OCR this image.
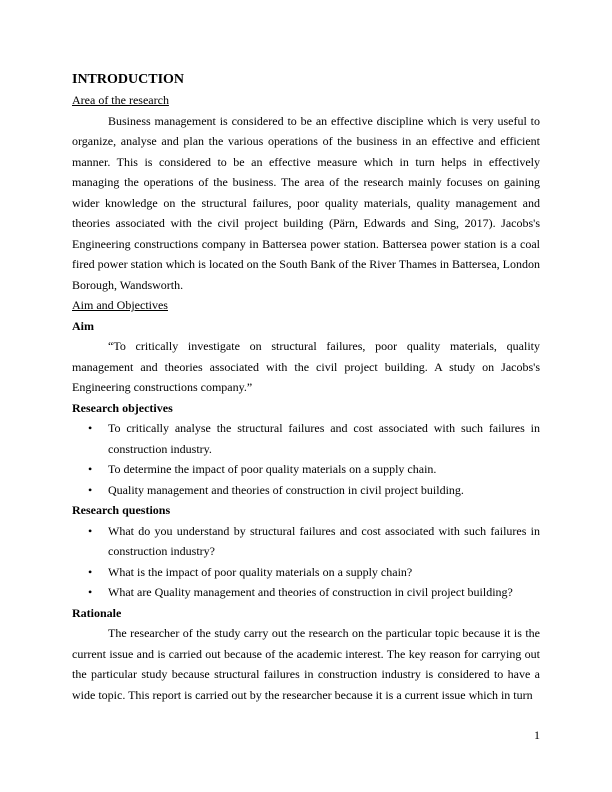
INTRODUCTION

Area of the research

Business management is considered to be an effective discipline which is very useful to organize, analyse and plan the various operations of the business in an effective and efficient manner. This is considered to be an effective measure which in turn helps in effectively managing the operations of the business. The area of the research mainly focuses on gaining wider knowledge on the structural failures, poor quality materials, quality management and theories associated with the civil project building (Pärn, Edwards and Sing, 2017). Jacobs's Engineering constructions company in Battersea power station. Battersea power station is a coal fired power station which is located on the South Bank of the River Thames in Battersea, London Borough, Wandsworth.

Aim and Objectives

Aim

“To critically investigate on structural failures, poor quality materials, quality management and theories associated with the civil project building. A study on Jacobs's Engineering constructions company.”

Research objectives

• To critically analyse the structural failures and cost associated with such failures in construction industry.
• To determine the impact of poor quality materials on a supply chain.
• Quality management and theories of construction in civil project building.

Research questions

• What do you understand by structural failures and cost associated with such failures in construction industry?
• What is the impact of poor quality materials on a supply chain?
• What are Quality management and theories of construction in civil project building?

Rationale

The researcher of the study carry out the research on the particular topic because it is the current issue and is carried out because of the academic interest. The key reason for carrying out the particular study because structural failures in construction industry is considered to have a wide topic. This report is carried out by the researcher because it is a current issue which in turn

1
